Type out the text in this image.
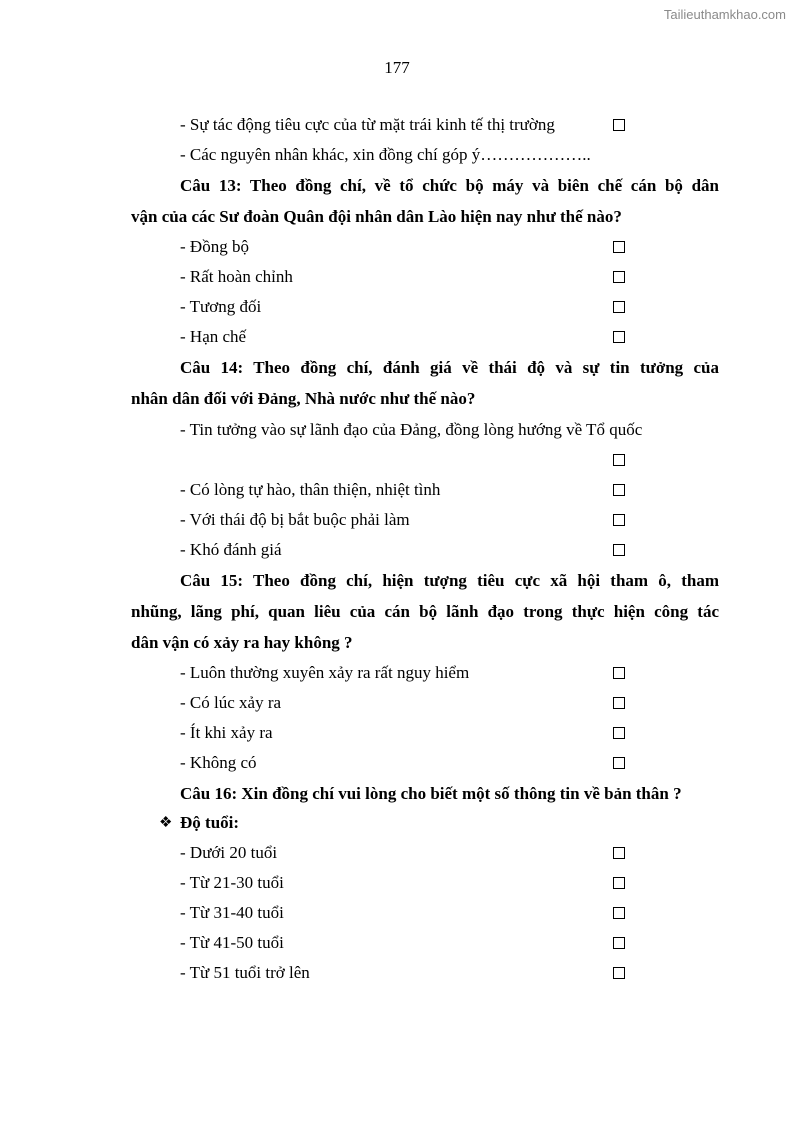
Tailieuthamkhao.com
177
- Sự tác động tiêu cực của từ mặt trái kinh tế thị trường
- Các nguyên nhân khác, xin đồng chí góp ý………………..
Câu 13: Theo đồng chí, về tổ chức bộ máy và biên chế cán bộ dân
vận của các Sư đoàn Quân đội nhân dân Lào hiện nay như thế nào?
- Đồng bộ
- Rất hoàn chỉnh
- Tương đối
- Hạn chế
Câu 14: Theo đồng chí, đánh giá về thái độ và sự tin tưởng của
nhân dân đối với Đảng, Nhà nước như thế nào?
- Tin tưởng vào sự lãnh đạo của Đảng, đồng lòng hướng về Tổ quốc
- Có lòng tự hào, thân thiện, nhiệt tình
- Với thái độ bị bắt buộc phải làm
- Khó đánh giá
Câu 15: Theo đồng chí, hiện tượng tiêu cực xã hội tham ô, tham
nhũng, lãng phí, quan liêu của cán bộ lãnh đạo trong thực hiện công tác
dân vận có xảy ra hay không ?
- Luôn thường xuyên xảy ra rất nguy hiểm
- Có lúc xảy ra
- Ít khi xảy ra
- Không có
Câu 16: Xin đồng chí vui lòng cho biết một số thông tin về bản thân ?
❖ Độ tuổi:
- Dưới 20 tuổi
- Từ 21-30 tuổi
- Từ 31-40 tuổi
- Từ 41-50 tuổi
- Từ 51 tuổi trở lên
